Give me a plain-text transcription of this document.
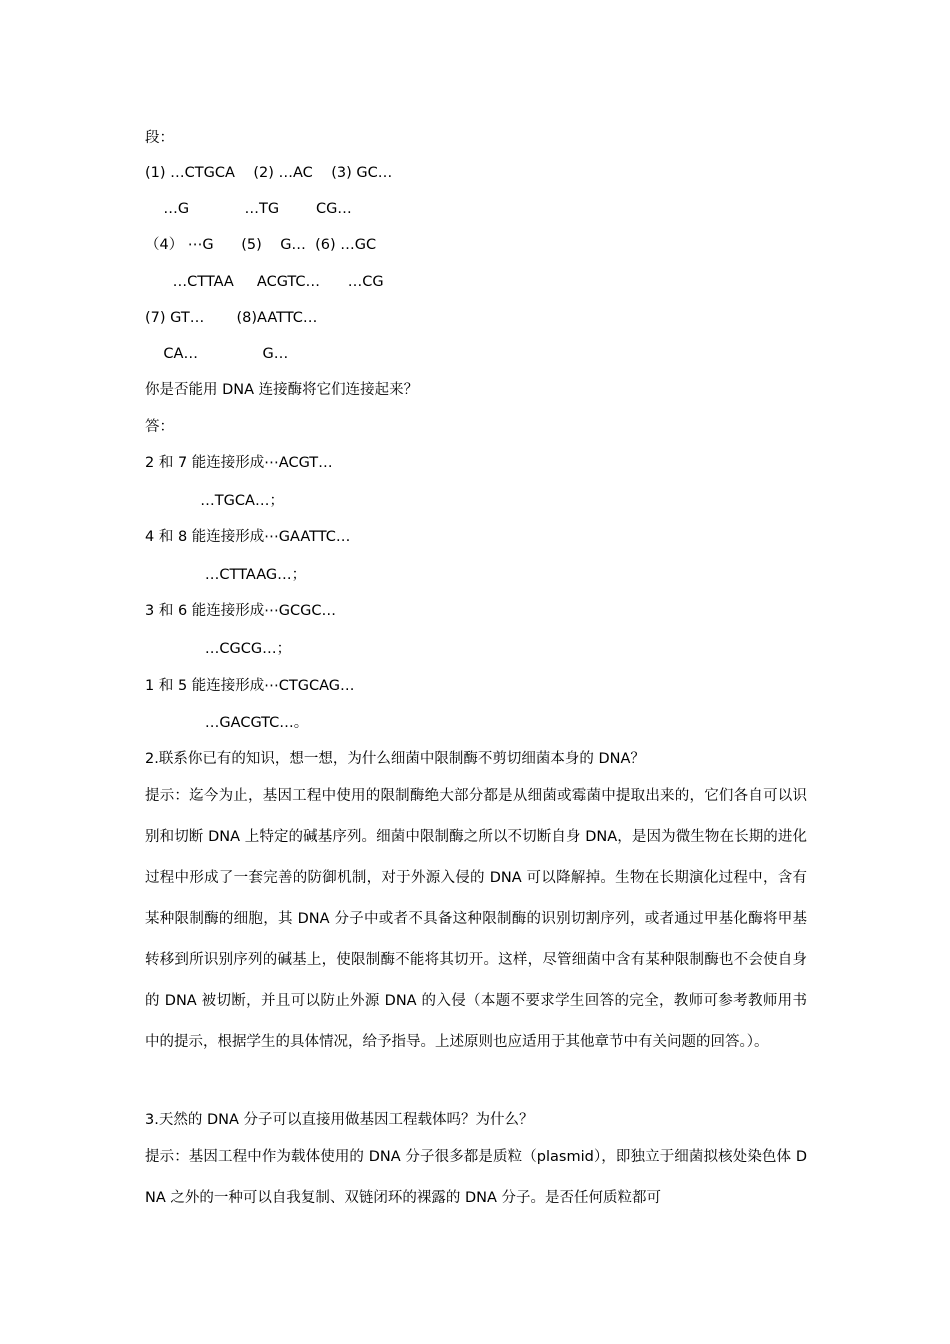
段：
(1) …CTGCA    (2) …AC    (3) GC…
…G            …TG        CG…
（4） ⋯G      (5)    G…  (6) …GC
…CTTAA     ACGTC…      …CG
(7) GT…       (8)AATTC…
CA…              G…
你是否能用 DNA 连接酶将它们连接起来？
答：
2 和 7 能连接形成⋯ACGT…
…TGCA…；
4 和 8 能连接形成⋯GAATTC…
…CTTAAG…；
3 和 6 能连接形成⋯GCGC…
…CGCG…；
1 和 5 能连接形成⋯CTGCAG…
…GACGTC…。
2.联系你已有的知识，想一想，为什么细菌中限制酶不剪切细菌本身的 DNA？
提示：迄今为止，基因工程中使用的限制酶绝大部分都是从细菌或霉菌中提取出来的，它们各自可以识别和切断 DNA 上特定的碱基序列。细菌中限制酶之所以不切断自身 DNA，是因为微生物在长期的进化过程中形成了一套完善的防御机制，对于外源入侵的 DNA 可以降解掉。生物在长期演化过程中，含有某种限制酶的细胞，其 DNA 分子中或者不具备这种限制酶的识别切割序列，或者通过甲基化酶将甲基转移到所识别序列的碱基上，使限制酶不能将其切开。这样，尽管细菌中含有某种限制酶也不会使自身的 DNA 被切断，并且可以防止外源 DNA 的入侵（本题不要求学生回答的完全，教师可参考教师用书中的提示，根据学生的具体情况，给予指导。上述原则也应适用于其他章节中有关问题的回答。）。
3.天然的 DNA 分子可以直接用做基因工程载体吗？为什么？
提示：基因工程中作为载体使用的 DNA 分子很多都是质粒（plasmid），即独立于细菌拟核处染色体 DNA 之外的一种可以自我复制、双链闭环的裸露的 DNA 分子。是否任何质粒都可
